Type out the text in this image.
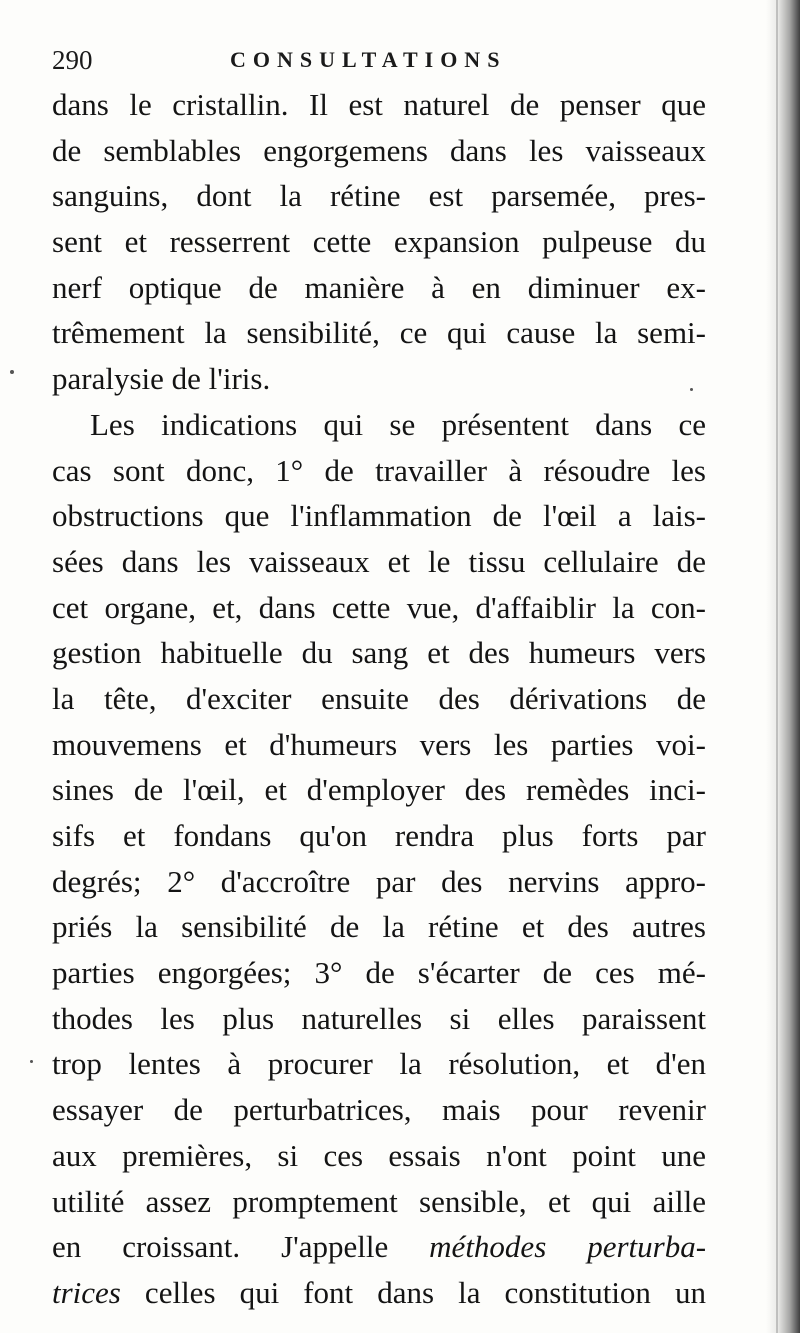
290	CONSULTATIONS
dans le cristallin. Il est naturel de penser que
de semblables engorgemens dans les vaisseaux
sanguins, dont la rétine est parsemée, pres-
sent et resserrent cette expansion pulpeuse du
nerf optique de manière à en diminuer ex-
trêmement la sensibilité, ce qui cause la semi-
paralysie de l'iris.
Les indications qui se présentent dans ce
cas sont donc, 1° de travailler à résoudre les
obstructions que l'inflammation de l'œil a lais-
sées dans les vaisseaux et le tissu cellulaire de
cet organe, et, dans cette vue, d'affaiblir la con-
gestion habituelle du sang et des humeurs vers
la tête, d'exciter ensuite des dérivations de
mouvemens et d'humeurs vers les parties voi-
sines de l'œil, et d'employer des remèdes inci-
sifs et fondans qu'on rendra plus forts par
degrés; 2° d'accroître par des nervins appro-
priés la sensibilité de la rétine et des autres
parties engorgées; 3° de s'écarter de ces mé-
thodes les plus naturelles si elles paraissent
trop lentes à procurer la résolution, et d'en
essayer de perturbatrices, mais pour revenir
aux premières, si ces essais n'ont point une
utilité assez promptement sensible, et qui aille
en croissant. J'appelle méthodes perturba-
trices celles qui font dans la constitution un
